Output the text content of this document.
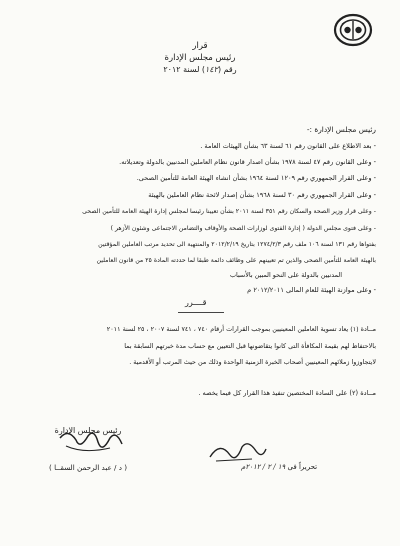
قرار
رئيس مجلس الإدارة
رقم (١٤٢) لسنة ٢٠١٢
رئيس مجلس الإدارة :-
- بعد الاطلاع على القانون رقم ٦١ لسنة ٦٣ بشأن الهيئات العامة .
- وعلى القانون رقم ٤٧ لسنة ١٩٧٨ بشأن اصدار قانون نظام العاملين المدنيين بالدولة وتعديلاته.
- وعلى القرار الجمهوري رقم ١٢٠٩ لسنة ١٩٦٤ بشأن انشاء الهيئة العامة للتأمين الصحى.
- وعلى القرار الجمهوري رقم ٣٠ لسنة ١٩٦٨ بشأن إصدار لائحة نظام العاملين بالهيئة
- وعلى قرار وزير الصحة والسكان رقم ٣٥١ لسنة ٢٠١١ بشأن تعيينا رئيسا لمجلس إدارة الهيئة العامة للتأمين الصحى
- وعلى فتوى مجلس الدولة ( إدارة الفتوى لوزارات الصحة والأوقاف والتضامن الاجتماعى وشئون الأزهر )
بفتواها رقم ١٣١ لسنة ١٠٦ ملف رقم ١٢٧٤/٢/٣ بتاريخ ٢٠١٢/٢/١٩ والمنتهية الى تحديد مرتب العاملين المؤقتين
بالهيئة العامة للتأمين الصحى والذين تم تعيينهم على وظائف دائمة طبقا لما حددته المادة ٢٥ من قانون العاملين
المدنيين بالدولة على النحو المبين بالأسباب
- وعلى موازنة الهيئة للعام المالى ٢٠١٢/٢٠١١ م
قــــرر
مــادة (١) يعاد تسوية العاملين المعينيين بموجب القرارات أرقام ٧٤٠ ، ٧٤١ لسنة ٢٠٠٧ ، ٢٥ لسنة ٢٠١١
بالاحتفاظ لهم بقيمة المكافأة التى كانوا يتقاضونها قبل التعيين مع حساب مدة خبرتهم السابقة بما
لايتجاوزوا زملائهم المعينيين أصحاب الخبرة الزمنية الواحدة وذلك من حيث المرتب أو الأقدمية .
مــادة (٢) على السادة المختصين تنفيذ هذا القرار كل فيما يخصه .
رئيس مجلس الإدارة
( د / عبد الرحمن السقــا )	تحريراً فى ١٩ / ٢ / ٢٠١٢م
